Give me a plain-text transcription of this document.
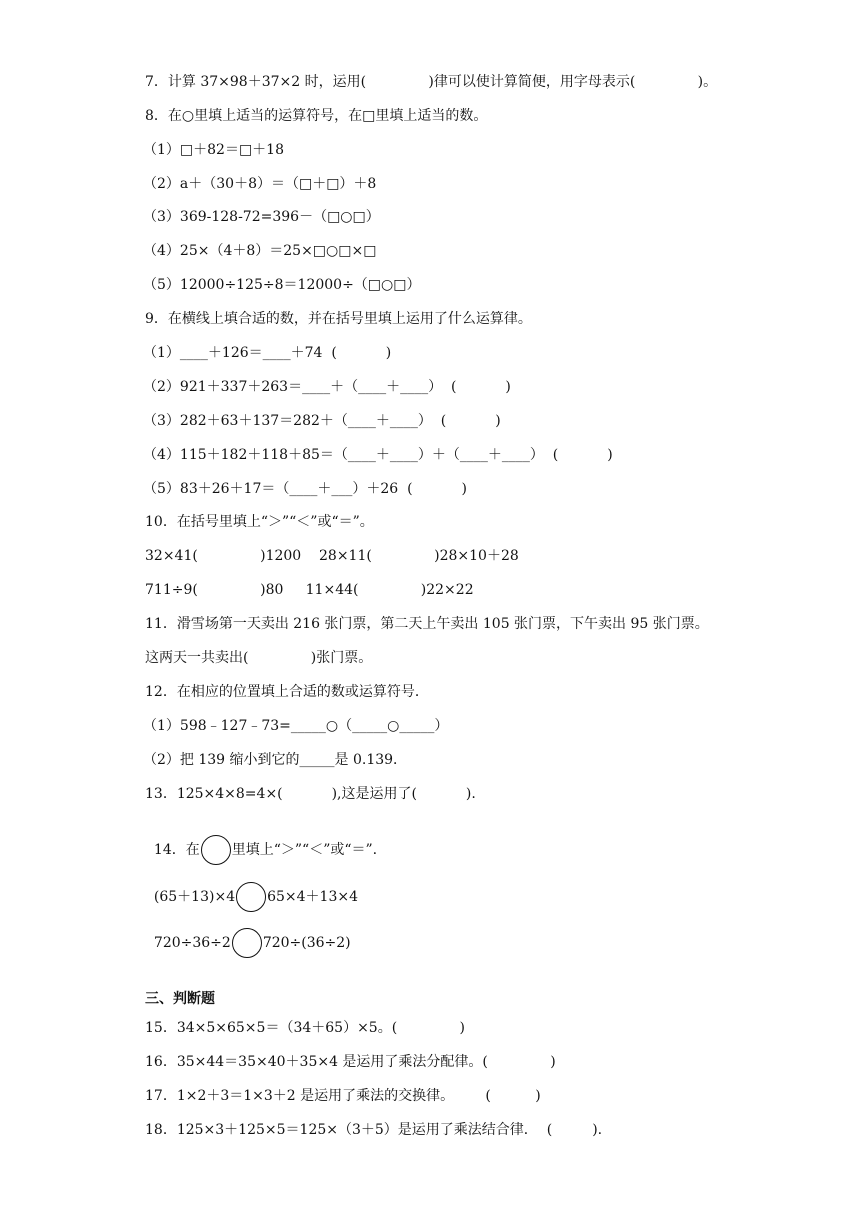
7．计算 37×98＋37×2 时，运用(              )律可以使计算简便，用字母表示(              )。
8．在○里填上适当的运算符号，在□里填上适当的数。
（1）□＋82＝□＋18
（2）a＋（30＋8）＝（□＋□）＋8
（3）369-128-72=396－（□○□）
（4）25×（4＋8）＝25×□○□×□
（5）12000÷125÷8＝12000÷（□○□）
9．在横线上填合适的数，并在括号里填上运用了什么运算律。
（1）____＋126＝____＋74  (           )
（2）921＋337＋263＝____＋（____＋____）  (           )
（3）282＋63＋137＝282＋（____＋____）  (           )
（4）115＋182＋118＋85＝（____＋____）＋（____＋____）  (           )
（5）83＋26＋17＝（____＋___）＋26  (           )
10．在括号里填上“＞”“＜”或“＝”。
32×41(              )1200    28×11(              )28×10＋28
711÷9(              )80     11×44(              )22×22
11．滑雪场第一天卖出 216 张门票，第二天上午卖出 105 张门票，下午卖出 95 张门票。
这两天一共卖出(              )张门票。
12．在相应的位置填上合适的数或运算符号．
（1）598﹣127﹣73=_____○（_____○_____）
（2）把 139 缩小到它的_____是 0.139．
13．125×4×8=4×(           ),这是运用了(           ).

14．在 里填上“＞”“＜”或“＝”.

(65＋13)×4 65×4＋13×4

720÷36÷2 720÷(36÷2)

三、判断题
15．34×5×65×5＝（34＋65）×5。(              )
16．35×44＝35×40＋35×4 是运用了乘法分配律。(              )
17．1×2＋3＝1×3＋2 是运用了乘法的交换律。       (          )
18．125×3＋125×5＝125×（3＋5）是运用了乘法结合律．  (         ).
